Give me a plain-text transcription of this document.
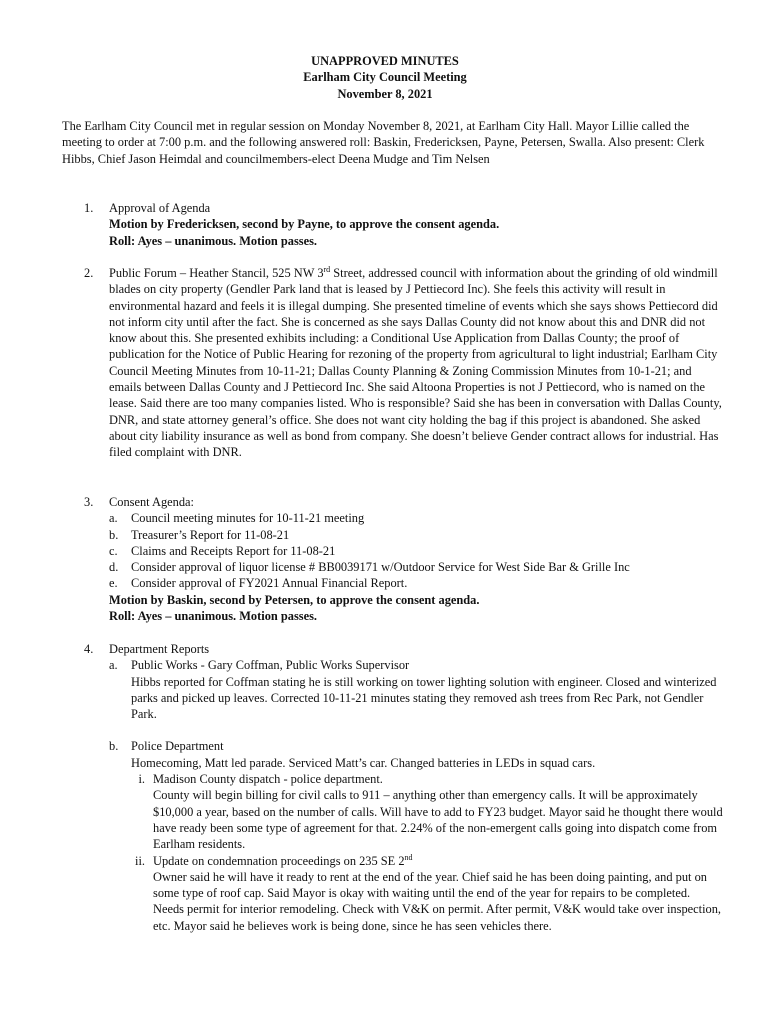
UNAPPROVED MINUTES
Earlham City Council Meeting
November 8, 2021
The Earlham City Council met in regular session on Monday November 8, 2021, at Earlham City Hall. Mayor Lillie called the meeting to order at 7:00 p.m. and the following answered roll: Baskin, Fredericksen, Payne, Petersen, Swalla. Also present: Clerk Hibbs, Chief Jason Heimdal and councilmembers-elect Deena Mudge and Tim Nelsen
1. Approval of Agenda
Motion by Fredericksen, second by Payne, to approve the consent agenda.
Roll: Ayes – unanimous. Motion passes.
2. Public Forum – Heather Stancil, 525 NW 3rd Street, addressed council with information about the grinding of old windmill blades on city property (Gendler Park land that is leased by J Pettiecord Inc). She feels this activity will result in environmental hazard and feels it is illegal dumping. She presented timeline of events which she says shows Pettiecord did not inform city until after the fact. She is concerned as she says Dallas County did not know about this and DNR did not know about this. She presented exhibits including: a Conditional Use Application from Dallas County; the proof of publication for the Notice of Public Hearing for rezoning of the property from agricultural to light industrial; Earlham City Council Meeting Minutes from 10-11-21; Dallas County Planning & Zoning Commission Minutes from 10-1-21; and emails between Dallas County and J Pettiecord Inc. She said Altoona Properties is not J Pettiecord, who is named on the lease. Said there are too many companies listed. Who is responsible? Said she has been in conversation with Dallas County, DNR, and state attorney general’s office. She does not want city holding the bag if this project is abandoned. She asked about city liability insurance as well as bond from company. She doesn’t believe Gender contract allows for industrial. Has filed complaint with DNR.
3. Consent Agenda:
a. Council meeting minutes for 10-11-21 meeting
b. Treasurer’s Report for 11-08-21
c. Claims and Receipts Report for 11-08-21
d. Consider approval of liquor license # BB0039171 w/Outdoor Service for West Side Bar & Grille Inc
e. Consider approval of FY2021 Annual Financial Report.
Motion by Baskin, second by Petersen, to approve the consent agenda.
Roll: Ayes – unanimous. Motion passes.
4. Department Reports
a. Public Works - Gary Coffman, Public Works Supervisor
Hibbs reported for Coffman stating he is still working on tower lighting solution with engineer. Closed and winterized parks and picked up leaves. Corrected 10-11-21 minutes stating they removed ash trees from Rec Park, not Gendler Park.
b. Police Department
Homecoming, Matt led parade. Serviced Matt’s car. Changed batteries in LEDs in squad cars.
i. Madison County dispatch - police department.
County will begin billing for civil calls to 911 – anything other than emergency calls. It will be approximately $10,000 a year, based on the number of calls. Will have to add to FY23 budget. Mayor said he thought there would have ready been some type of agreement for that. 2.24% of the non-emergent calls going into dispatch come from Earlham residents.
ii. Update on condemnation proceedings on 235 SE 2nd
Owner said he will have it ready to rent at the end of the year. Chief said he has been doing painting, and put on some type of roof cap. Said Mayor is okay with waiting until the end of the year for repairs to be completed. Needs permit for interior remodeling. Check with V&K on permit. After permit, V&K would take over inspection, etc. Mayor said he believes work is being done, since he has seen vehicles there.
